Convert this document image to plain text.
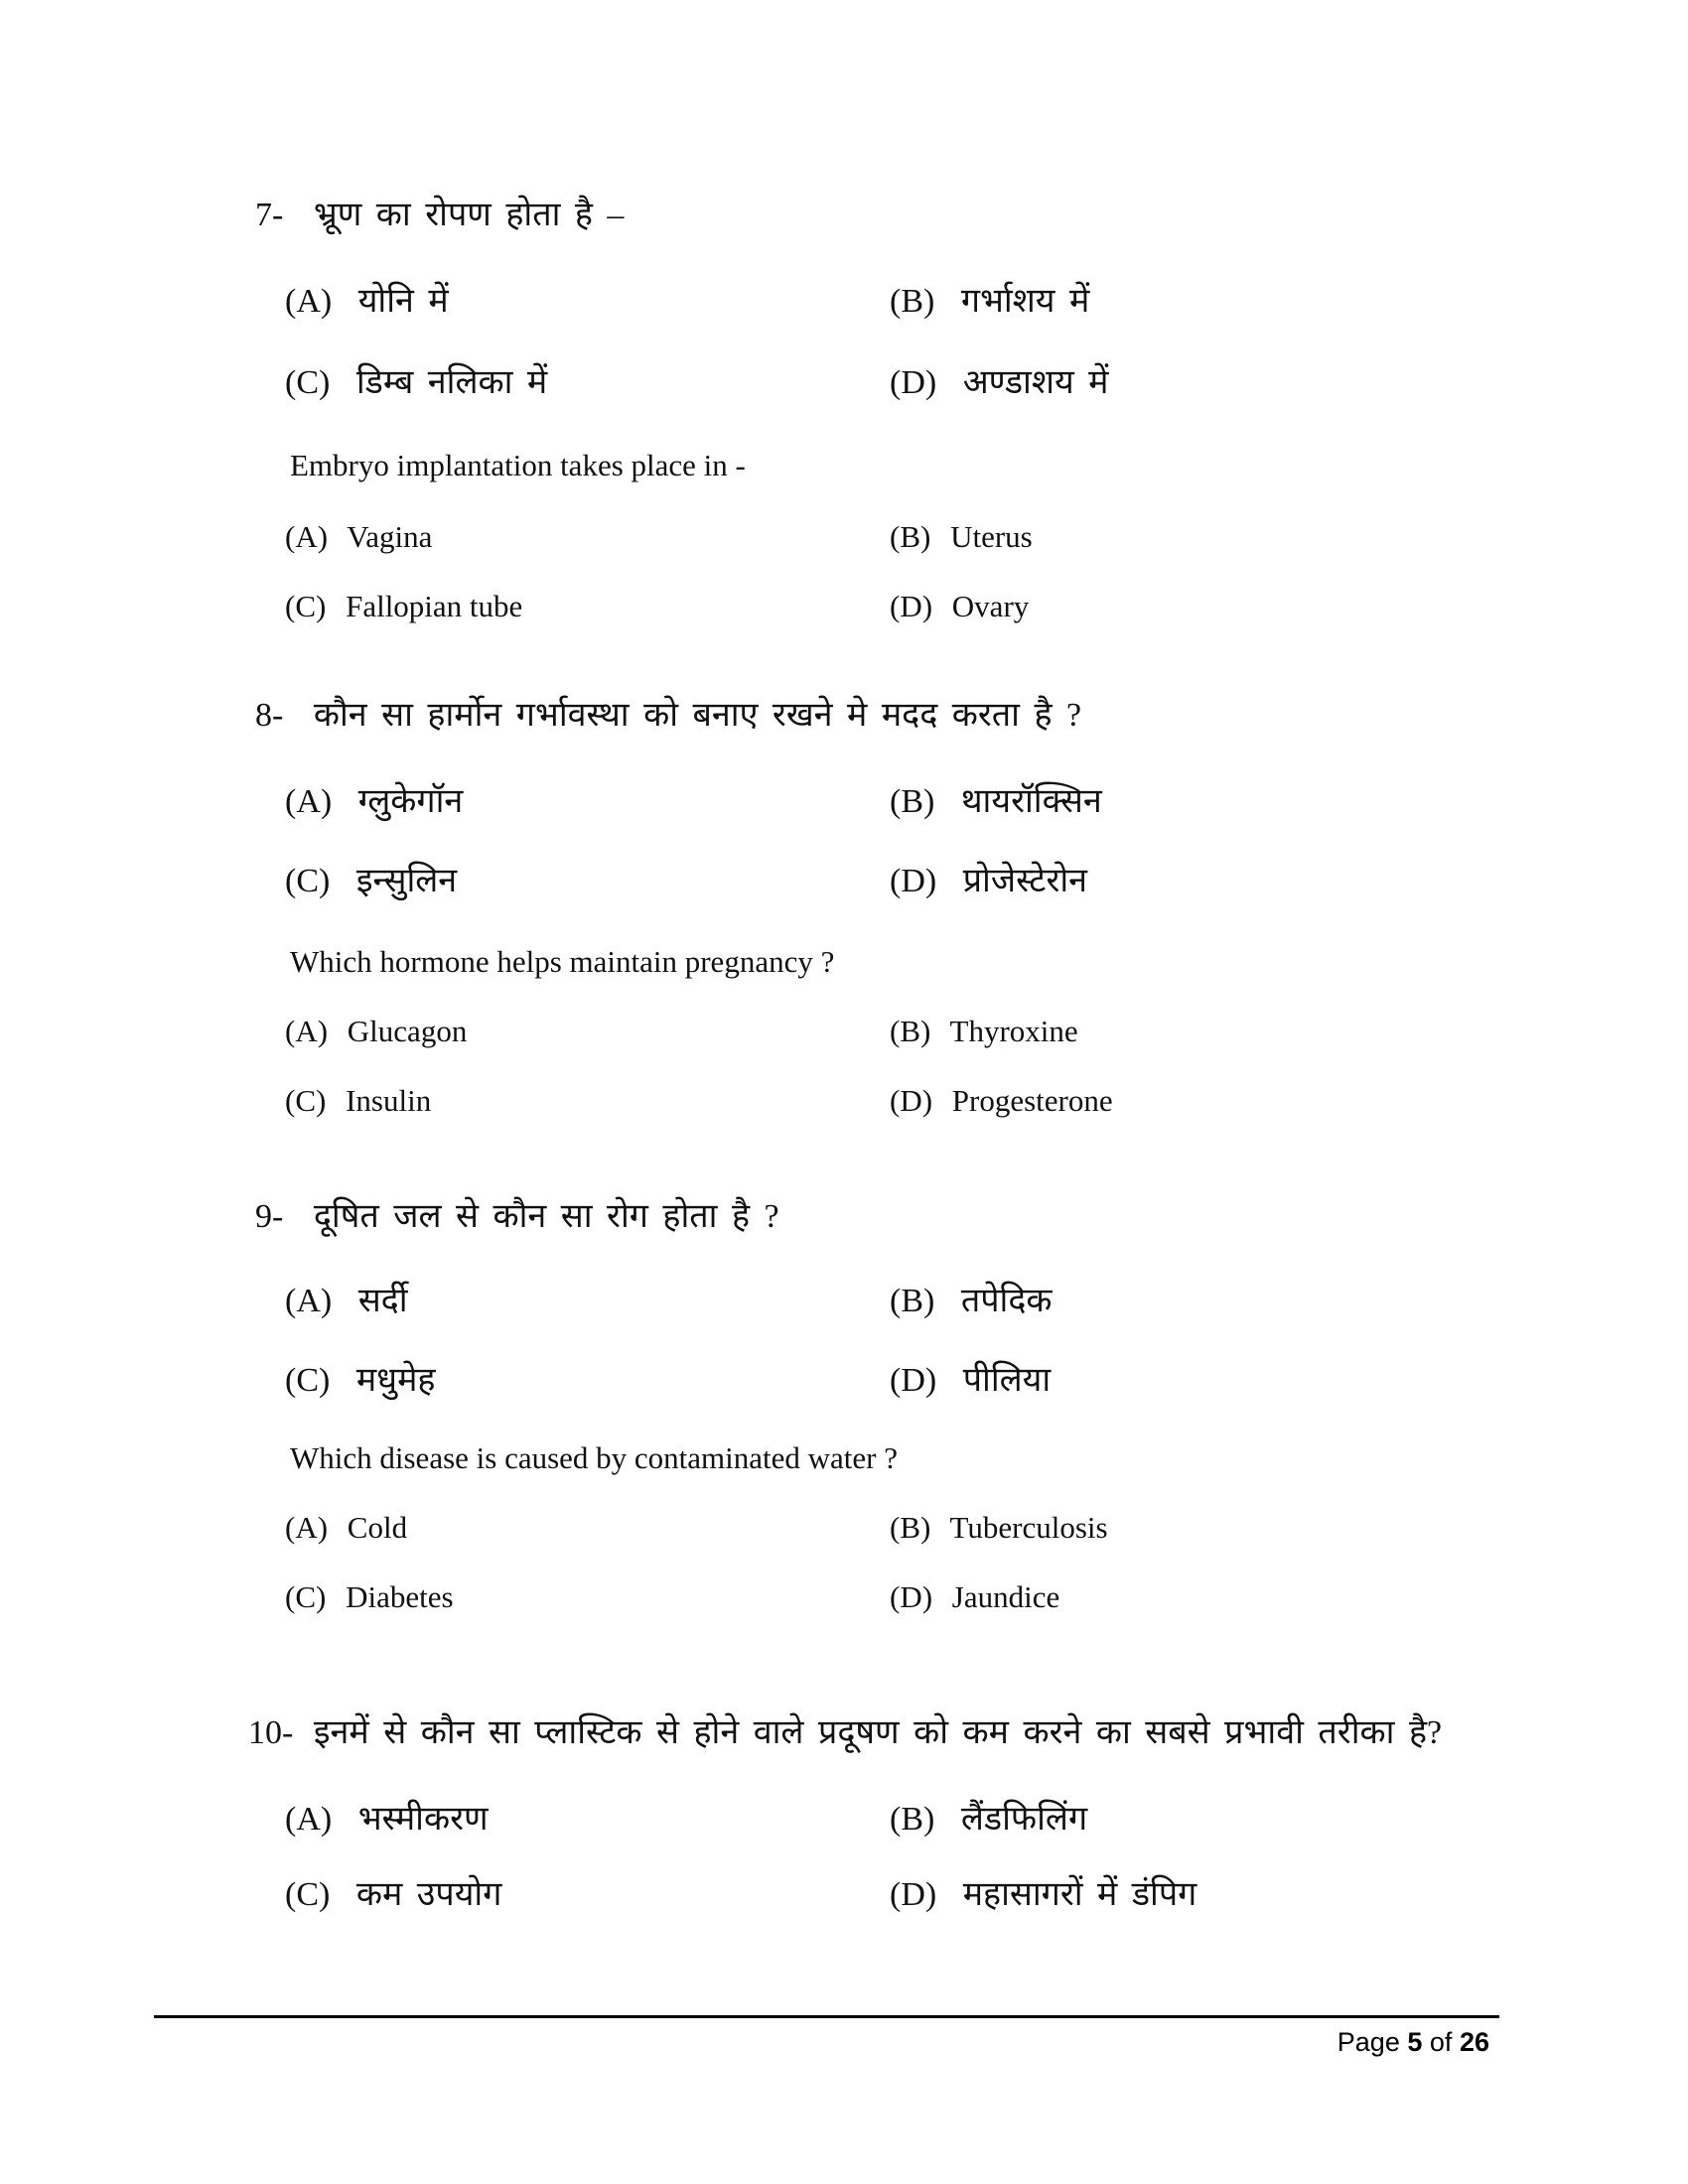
7- भ्रूण का रोपण होता है –
(A) योनि में	(B) गर्भाशय में
(C) डिम्ब नलिका में	(D) अण्डाशय में
Embryo implantation takes place in -
(A) Vagina	(B) Uterus
(C) Fallopian tube	(D) Ovary
8- कौन सा हार्मोन गर्भावस्था को बनाए रखने मे मदद करता है ?
(A) ग्लुकेगॉन	(B) थायरॉक्सिन
(C) इन्सुलिन	(D) प्रोजेस्टेरोन
Which hormone helps maintain pregnancy ?
(A) Glucagon	(B) Thyroxine
(C) Insulin	(D) Progesterone
9- दूषित जल से कौन सा रोग होता है ?
(A) सर्दी	(B) तपेदिक
(C) मधुमेह	(D) पीलिया
Which disease is caused by contaminated water ?
(A) Cold	(B) Tuberculosis
(C) Diabetes	(D) Jaundice
10- इनमें से कौन सा प्लास्टिक से होने वाले प्रदूषण को कम करने का सबसे प्रभावी तरीका है?
(A) भस्मीकरण	(B) लैंडफिलिंग
(C) कम उपयोग	(D) महासागरों में डंपिग
Page 5 of 26
